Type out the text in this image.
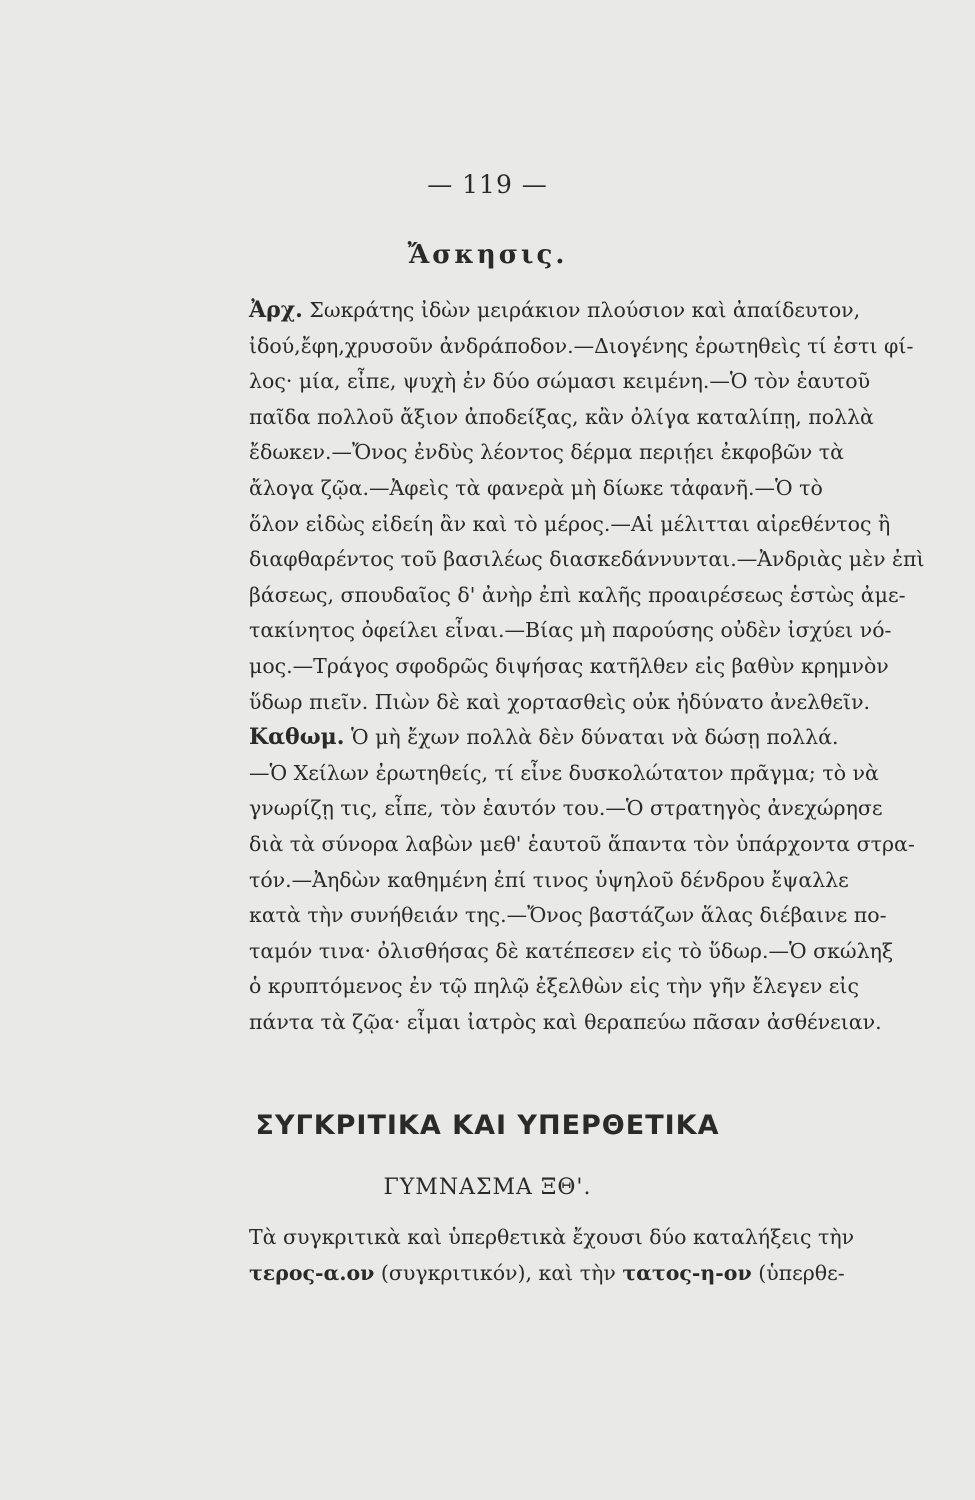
— 119 —
Ἄσκησις.
Ἀρχ. Σωκράτης ἰδὼν μειράκιον πλούσιον καὶ ἀπαίδευτον,
ἰδού,ἔφη,χρυσοῦν ἀνδράποδον.—Διογένης ἐρωτηθεὶς τί ἐστι φί-
λος· μία, εἶπε, ψυχὴ ἐν δύο σώμασι κειμένη.—Ὁ τὸν ἑαυτοῦ
παῖδα πολλοῦ ἄξιον ἀποδείξας, κἂν ὀλίγα καταλίπῃ, πολλὰ
ἔδωκεν.—Ὄνος ἐνδὺς λέοντος δέρμα περιῄει ἐκφοβῶν τὰ
ἄλογα ζῷα.—Ἀφεὶς τὰ φανερὰ μὴ δίωκε τἀφανῆ.—Ὁ τὸ
ὅλον εἰδὼς εἰδείη ἂν καὶ τὸ μέρος.—Αἱ μέλιτται αἱρεθέντος ἢ
διαφθαρέντος τοῦ βασιλέως διασκεδάννυνται.—Ἀνδριὰς μὲν ἐπὶ
βάσεως, σπουδαῖος δ' ἀνὴρ ἐπὶ καλῆς προαιρέσεως ἑστὼς ἀμε-
τακίνητος ὀφείλει εἶναι.—Βίας μὴ παρούσης οὐδὲν ἰσχύει νό-
μος.—Τράγος σφοδρῶς διψήσας κατῆλθεν εἰς βαθὺν κρημνὸν
ὕδωρ πιεῖν. Πιὼν δὲ καὶ χορτασθεὶς οὐκ ἠδύνατο ἀνελθεῖν.
Καθωμ. Ὁ μὴ ἔχων πολλὰ δὲν δύναται νὰ δώσῃ πολλά.
—Ὁ Χείλων ἐρωτηθείς, τί εἶνε δυσκολώτατον πρᾶγμα; τὸ νὰ
γνωρίζῃ τις, εἶπε, τὸν ἑαυτόν του.—Ὁ στρατηγὸς ἀνεχώρησε
διὰ τὰ σύνορα λαβὼν μεθ' ἑαυτοῦ ἅπαντα τὸν ὑπάρχοντα στρα-
τόν.—Ἀηδὼν καθημένη ἐπί τινος ὑψηλοῦ δένδρου ἔψαλλε
κατὰ τὴν συνήθειάν της.—Ὄνος βαστάζων ἅλας διέβαινε πο-
ταμόν τινα· ὀλισθήσας δὲ κατέπεσεν εἰς τὸ ὕδωρ.—Ὁ σκώληξ
ὁ κρυπτόμενος ἐν τῷ πηλῷ ἐξελθὼν εἰς τὴν γῆν ἔλεγεν εἰς
πάντα τὰ ζῷα· εἶμαι ἰατρὸς καὶ θεραπεύω πᾶσαν ἀσθένειαν.
ΣΥΓΚΡΙΤΙΚΑ ΚΑΙ ΥΠΕΡΘΕΤΙΚΑ
ΓΥΜΝΑΣΜΑ ΞΘ'.
Τὰ συγκριτικὰ καὶ ὑπερθετικὰ ἔχουσι δύο καταλήξεις τὴν
τερος-α.ον (συγκριτικόν), καὶ τὴν τατος-η-ον (ὑπερθε-
